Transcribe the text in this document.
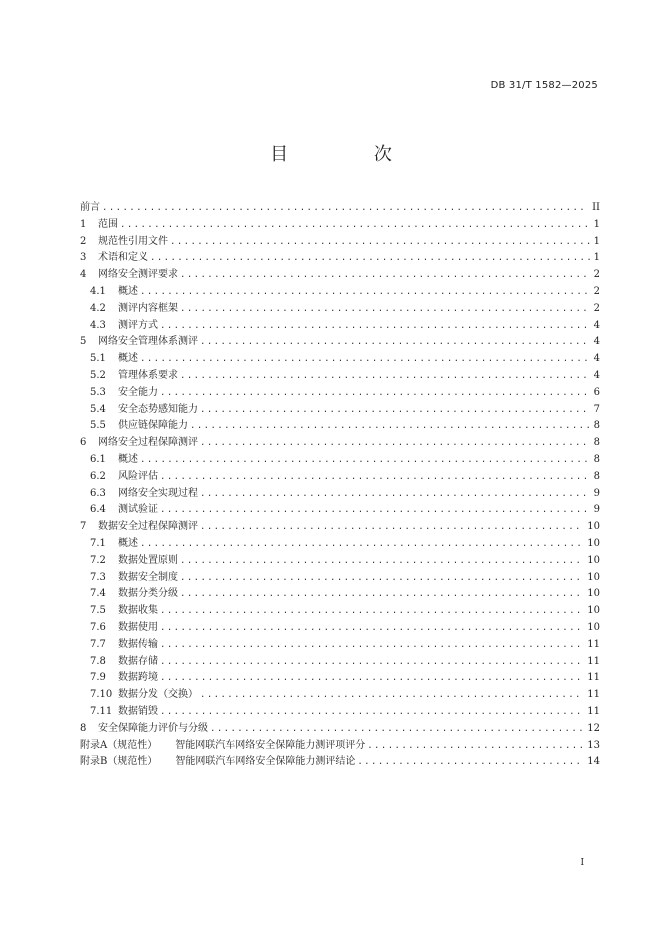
DB 31/T 1582—2025
目 次
前言 .....	II
1	范围 .....	1
2	规范性引用文件 .....	1
3	术语和定义 .....	1
4	网络安全测评要求 .....	2
4.1	概述 .....	2
4.2	测评内容框架 .....	2
4.3	测评方式 .....	4
5	网络安全管理体系测评 .....	4
5.1	概述 .....	4
5.2	管理体系要求 .....	4
5.3	安全能力 .....	6
5.4	安全态势感知能力 .....	7
5.5	供应链保障能力 .....	8
6	网络安全过程保障测评 .....	8
6.1	概述 .....	8
6.2	风险评估 .....	8
6.3	网络安全实现过程 .....	9
6.4	测试验证 .....	9
7	数据安全过程保障测评 .....	10
7.1	概述 .....	10
7.2	数据处置原则 .....	10
7.3	数据安全制度 .....	10
7.4	数据分类分级 .....	10
7.5	数据收集 .....	10
7.6	数据使用 .....	10
7.7	数据传输 .....	11
7.8	数据存储 .....	11
7.9	数据跨境 .....	11
7.10 数据分发（交换） .....	11
7.11 数据销毁 .....	11
8	安全保障能力评价与分级 .....	12
附录A（规范性） 智能网联汽车网络安全保障能力测评项评分 .....	13
附录B（规范性） 智能网联汽车网络安全保障能力测评结论 .....	14
I
